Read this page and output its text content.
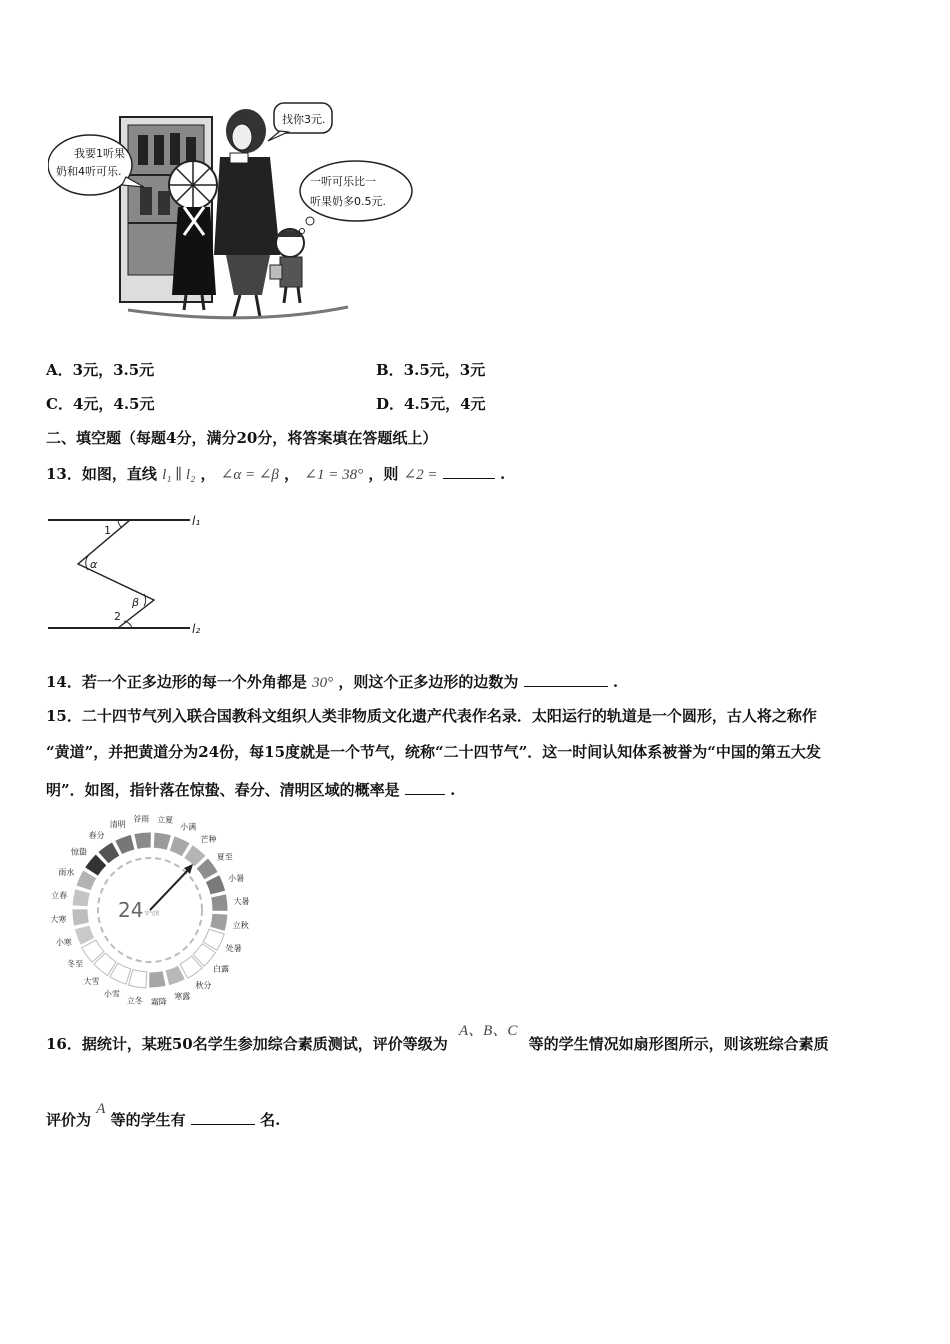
我要1听果
奶和4听可乐.
找你3元.
一听可乐比一
听果奶多0.5元.
A．3元，3.5元	B．3.5元，3元
C．4元，4.5元	D．4.5元，4元
二、填空题（每题4分，满分20分，将答案填在答题纸上）
13．如图，直线 l₁ ∥ l₂ ， ∠α = ∠β ， ∠1 = 38° ，则 ∠2 =	.
l₁
l₂
1
α
β
2
14．若一个正多边形的每一个外角都是 30° ，则这个正多边形的边数为	.
15．二十四节气列入联合国教科文组织人类非物质文化遗产代表作名录．太阳运行的轨道是一个圆形，古人将之称作
“黄道”，并把黄道分为24份，每15度就是一个节气，统称“二十四节气”．这一时间认知体系被誉为“中国的第五大发
明”．如图，指针落在惊蛰、春分、清明区域的概率是	.
小寒
大寒
立春
雨水
惊蛰
春分
清明
谷雨 立夏
小满
芒种
夏至
小暑
大暑
立秋
处暑
白露
秋分
寒露
霜降
立冬
小雪
大雪
冬至
24 节气图
16．据统计，某班50名学生参加综合素质测试，评价等级为 A、B、C 等的学生情况如扇形图所示，则该班综合素质
评价为 A 等的学生有	名.
